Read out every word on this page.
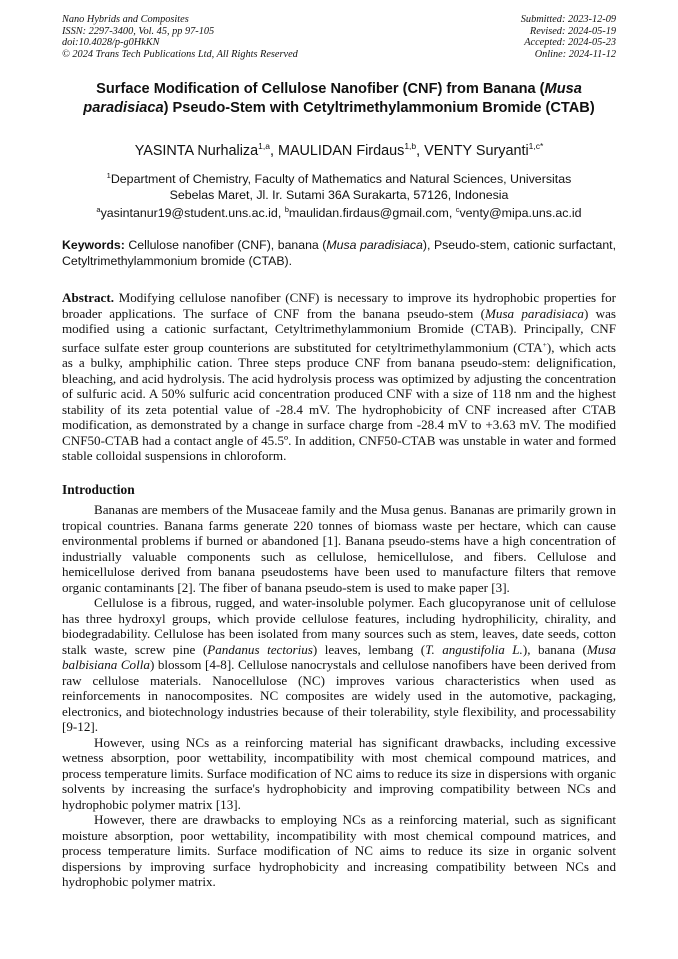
Nano Hybrids and Composites
ISSN: 2297-3400, Vol. 45, pp 97-105
doi:10.4028/p-g0HkKN
© 2024 Trans Tech Publications Ltd, All Rights Reserved
Submitted: 2023-12-09
Revised: 2024-05-19
Accepted: 2024-05-23
Online: 2024-11-12
Surface Modification of Cellulose Nanofiber (CNF) from Banana (Musa paradisiaca) Pseudo-Stem with Cetyltrimethylammonium Bromide (CTAB)
YASINTA Nurhaliza$^{1,a}$, MAULIDAN Firdaus$^{1,b}$, VENTY Suryanti$^{1,c*}$
$^1$Department of Chemistry, Faculty of Mathematics and Natural Sciences, Universitas Sebelas Maret, Jl. Ir. Sutami 36A Surakarta, 57126, Indonesia
$^a$yasintanur19@student.uns.ac.id, $^b$maulidan.firdaus@gmail.com, $^c$venty@mipa.uns.ac.id
Keywords: Cellulose nanofiber (CNF), banana (Musa paradisiaca), Pseudo-stem, cationic surfactant, Cetyltrimethylammonium bromide (CTAB).
Abstract. Modifying cellulose nanofiber (CNF) is necessary to improve its hydrophobic properties for broader applications. The surface of CNF from the banana pseudo-stem (Musa paradisiaca) was modified using a cationic surfactant, Cetyltrimethylammonium Bromide (CTAB). Principally, CNF surface sulfate ester group counterions are substituted for cetyltrimethylammonium (CTA+), which acts as a bulky, amphiphilic cation. Three steps produce CNF from banana pseudo-stem: delignification, bleaching, and acid hydrolysis. The acid hydrolysis process was optimized by adjusting the concentration of sulfuric acid. A 50% sulfuric acid concentration produced CNF with a size of 118 nm and the highest stability of its zeta potential value of -28.4 mV. The hydrophobicity of CNF increased after CTAB modification, as demonstrated by a change in surface charge from -28.4 mV to +3.63 mV. The modified CNF50-CTAB had a contact angle of 45.5º. In addition, CNF50-CTAB was unstable in water and formed stable colloidal suspensions in chloroform.
Introduction

Bananas are members of the Musaceae family and the Musa genus. Bananas are primarily grown in tropical countries. Banana farms generate 220 tonnes of biomass waste per hectare, which can cause environmental problems if burned or abandoned [1]. Banana pseudo-stems have a high concentration of industrially valuable components such as cellulose, hemicellulose, and fibers. Cellulose and hemicellulose derived from banana pseudostems have been used to manufacture filters that remove organic contaminants [2]. The fiber of banana pseudo-stem is used to make paper [3].

Cellulose is a fibrous, rugged, and water-insoluble polymer. Each glucopyranose unit of cellulose has three hydroxyl groups, which provide cellulose features, including hydrophilicity, chirality, and biodegradability. Cellulose has been isolated from many sources such as stem, leaves, date seeds, cotton stalk waste, screw pine (Pandanus tectorius) leaves, lembang (T. angustifolia L.), banana (Musa balbisiana Colla) blossom [4-8]. Cellulose nanocrystals and cellulose nanofibers have been derived from raw cellulose materials. Nanocellulose (NC) improves various characteristics when used as reinforcements in nanocomposites. NC composites are widely used in the automotive, packaging, electronics, and biotechnology industries because of their tolerability, style flexibility, and processability [9-12].

However, using NCs as a reinforcing material has significant drawbacks, including excessive wetness absorption, poor wettability, incompatibility with most chemical compound matrices, and process temperature limits. Surface modification of NC aims to reduce its size in dispersions with organic solvents by increasing the surface's hydrophobicity and improving compatibility between NCs and hydrophobic polymer matrix [13].

However, there are drawbacks to employing NCs as a reinforcing material, such as significant moisture absorption, poor wettability, incompatibility with most chemical compound matrices, and process temperature limits. Surface modification of NC aims to reduce its size in organic solvent dispersions by improving surface hydrophobicity and increasing compatibility between NCs and hydrophobic polymer matrix.
